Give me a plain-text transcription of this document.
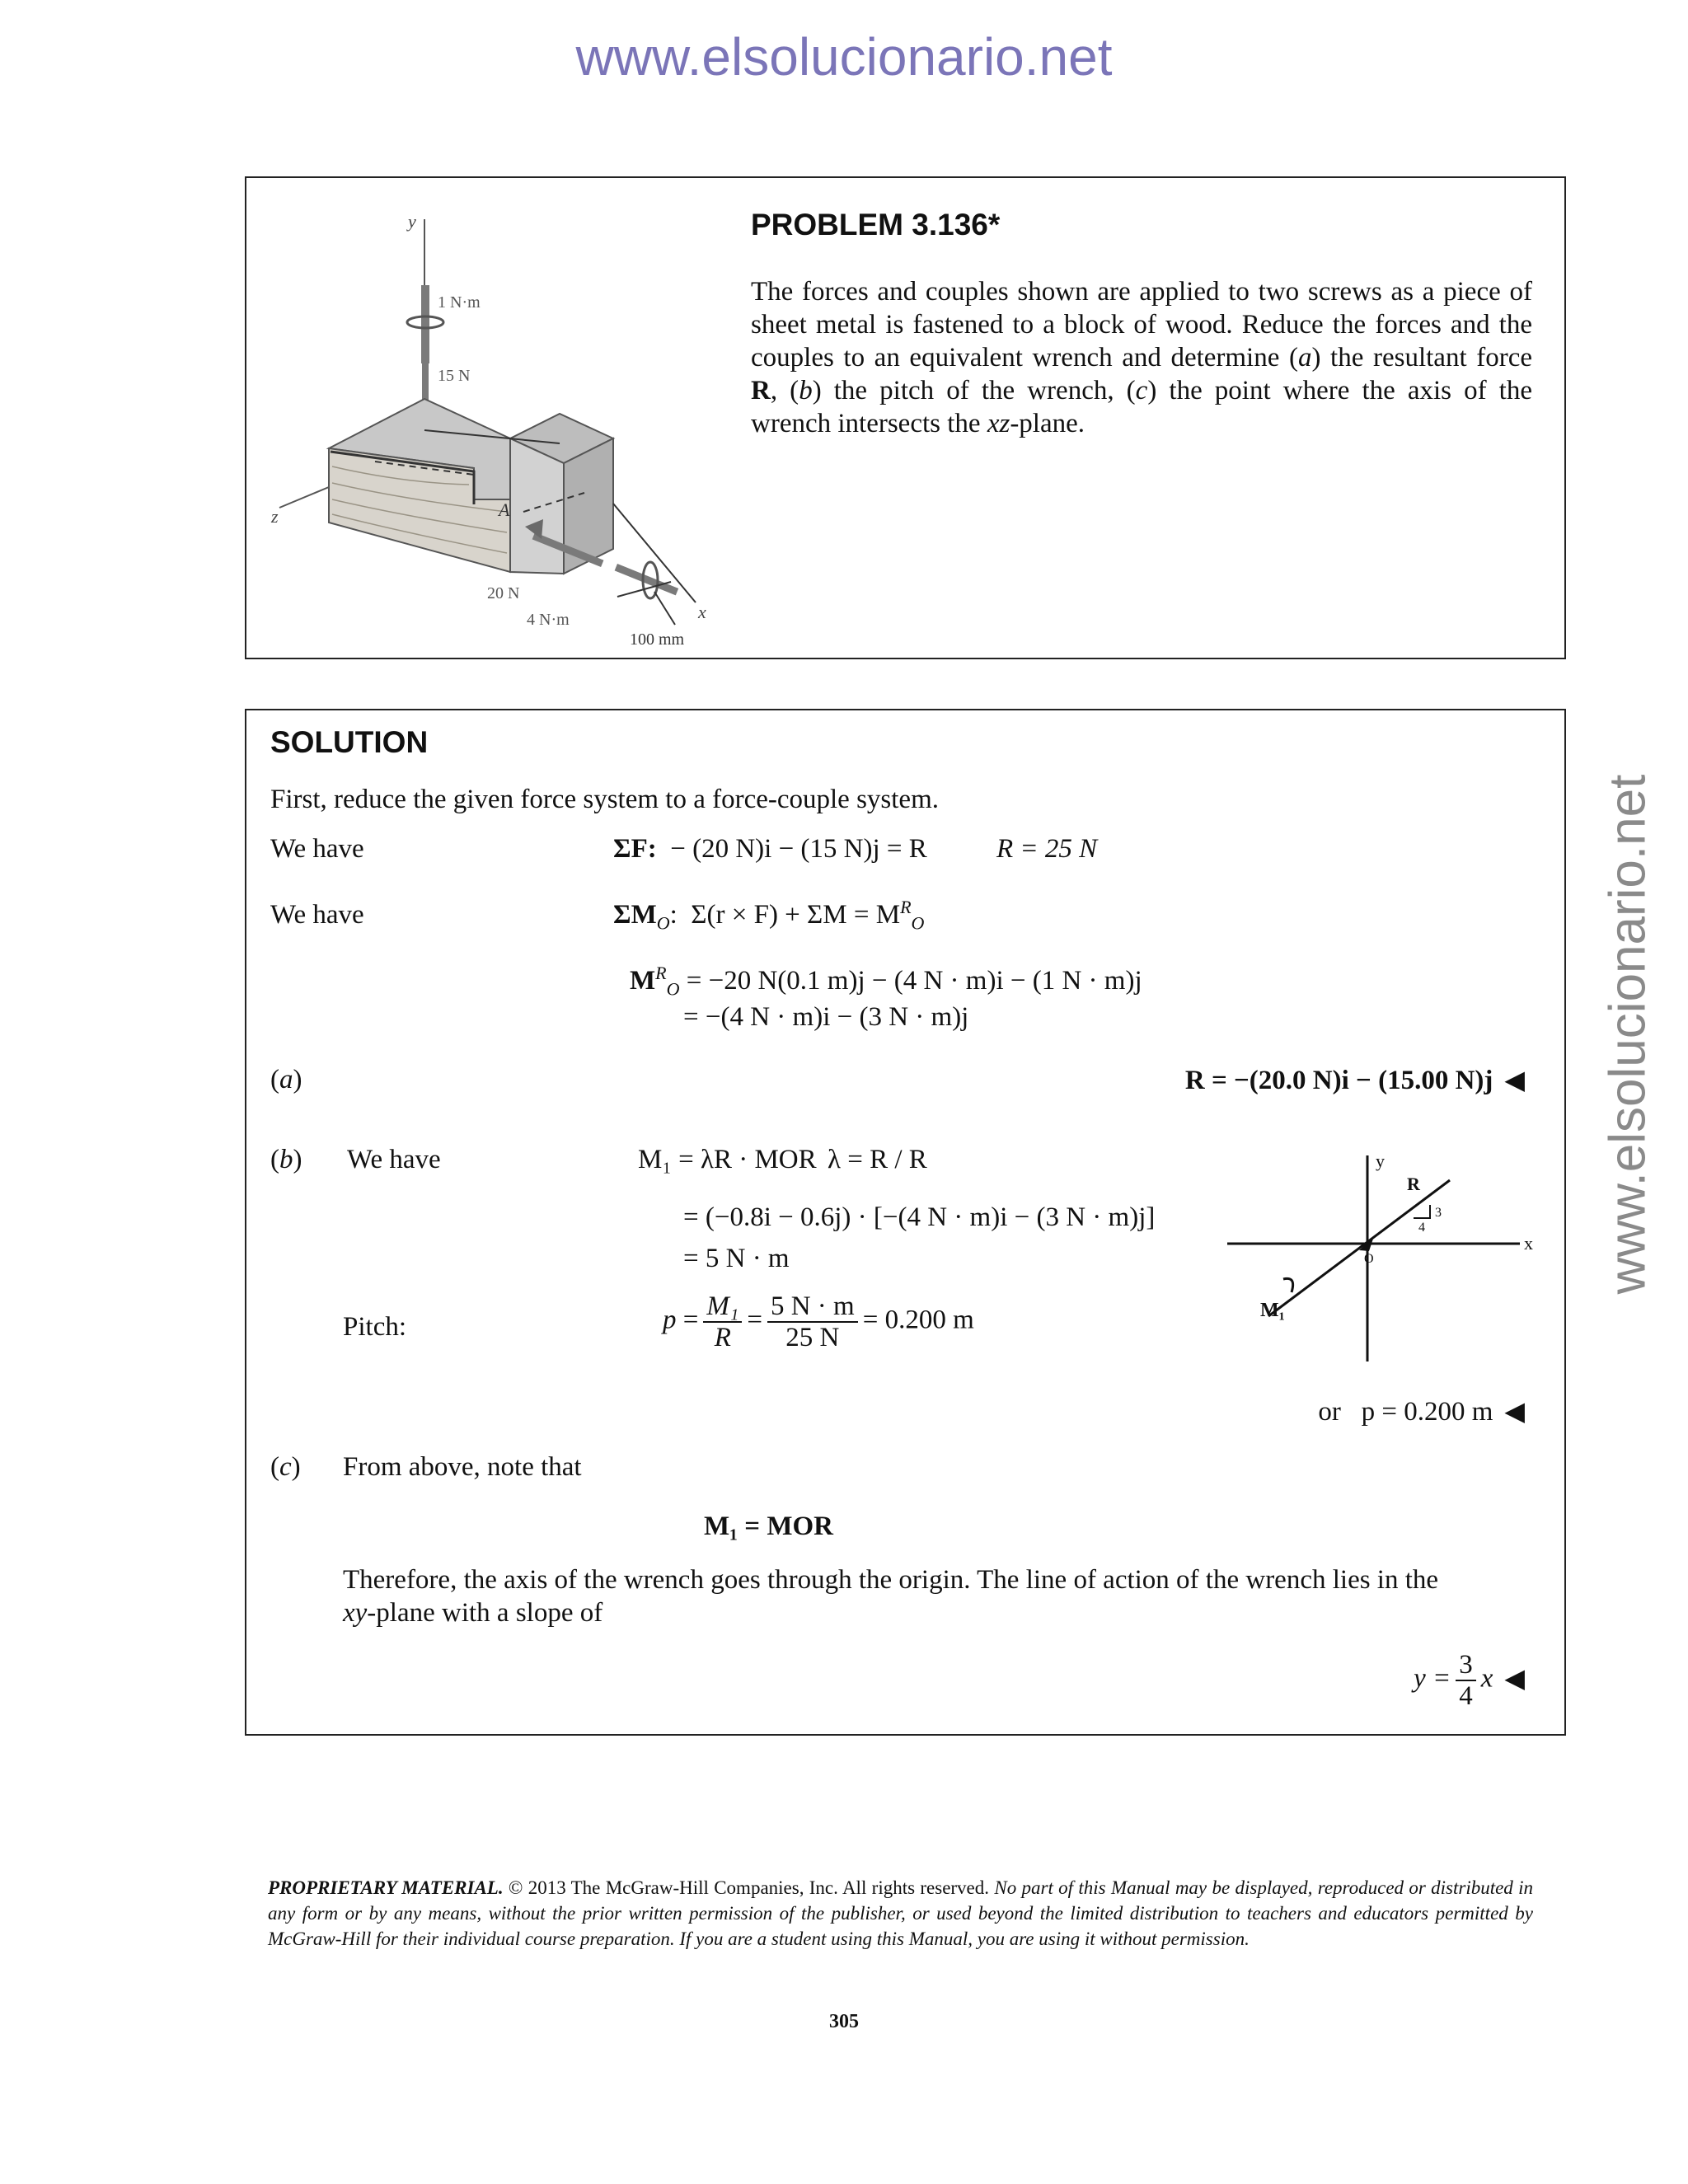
www.elsolucionario.net
www.elsolucionario.net
y
1 N·m
15 N
z	A
20 N
4 N·m	x
100 mm
PROBLEM 3.136*
The forces and couples shown are applied to two screws as a piece of sheet metal is fastened to a block of wood. Reduce the forces and the couples to an equivalent wrench and determine (a) the resultant force R, (b) the pitch of the wrench, (c) the point where the axis of the wrench intersects the xz-plane.
SOLUTION
First, reduce the given force system to a force-couple system.
We have	ΣF: − (20 N)i − (15 N)j = R	R = 25 N
We have	$\Sigma M_O$:  $\Sigma(r \times F) + \Sigma M = M^R_O$
$M^R_O = -20$ N(0.1 m)j − (4 N · m)i − (1 N · m)j
= −(4 N · m)i − (3 N · m)j
(a)	R = −(20.0 N)i − (15.00 N)j ◀
(b) We have	M₁ = λR · MOR λ = R / R
= (−0.8i − 0.6j) · [−(4 N · m)i − (3 N · m)j]
= 5 N · m
Pitch:	$p = \frac{\text{M₁}}{R} = \frac{5 N \cdot m}{25 N} = 0.200$ m
or p = 0.200 m ◀
y
x
R
3
4
O
M₁
(c) From above, note that
M₁ = MOR
Therefore, the axis of the wrench goes through the origin. The line of action of the wrench lies in the
xy-plane with a slope of
$y = \frac{3}{4}$ x ◀
PROPRIETARY MATERIAL. © 2013 The McGraw-Hill Companies, Inc. All rights reserved. No part of this Manual may be displayed, reproduced or distributed in any form or by any means, without the prior written permission of the publisher, or used beyond the limited distribution to teachers and educators permitted by McGraw-Hill for their individual course preparation. If you are a student using this Manual, you are using it without permission.
305
